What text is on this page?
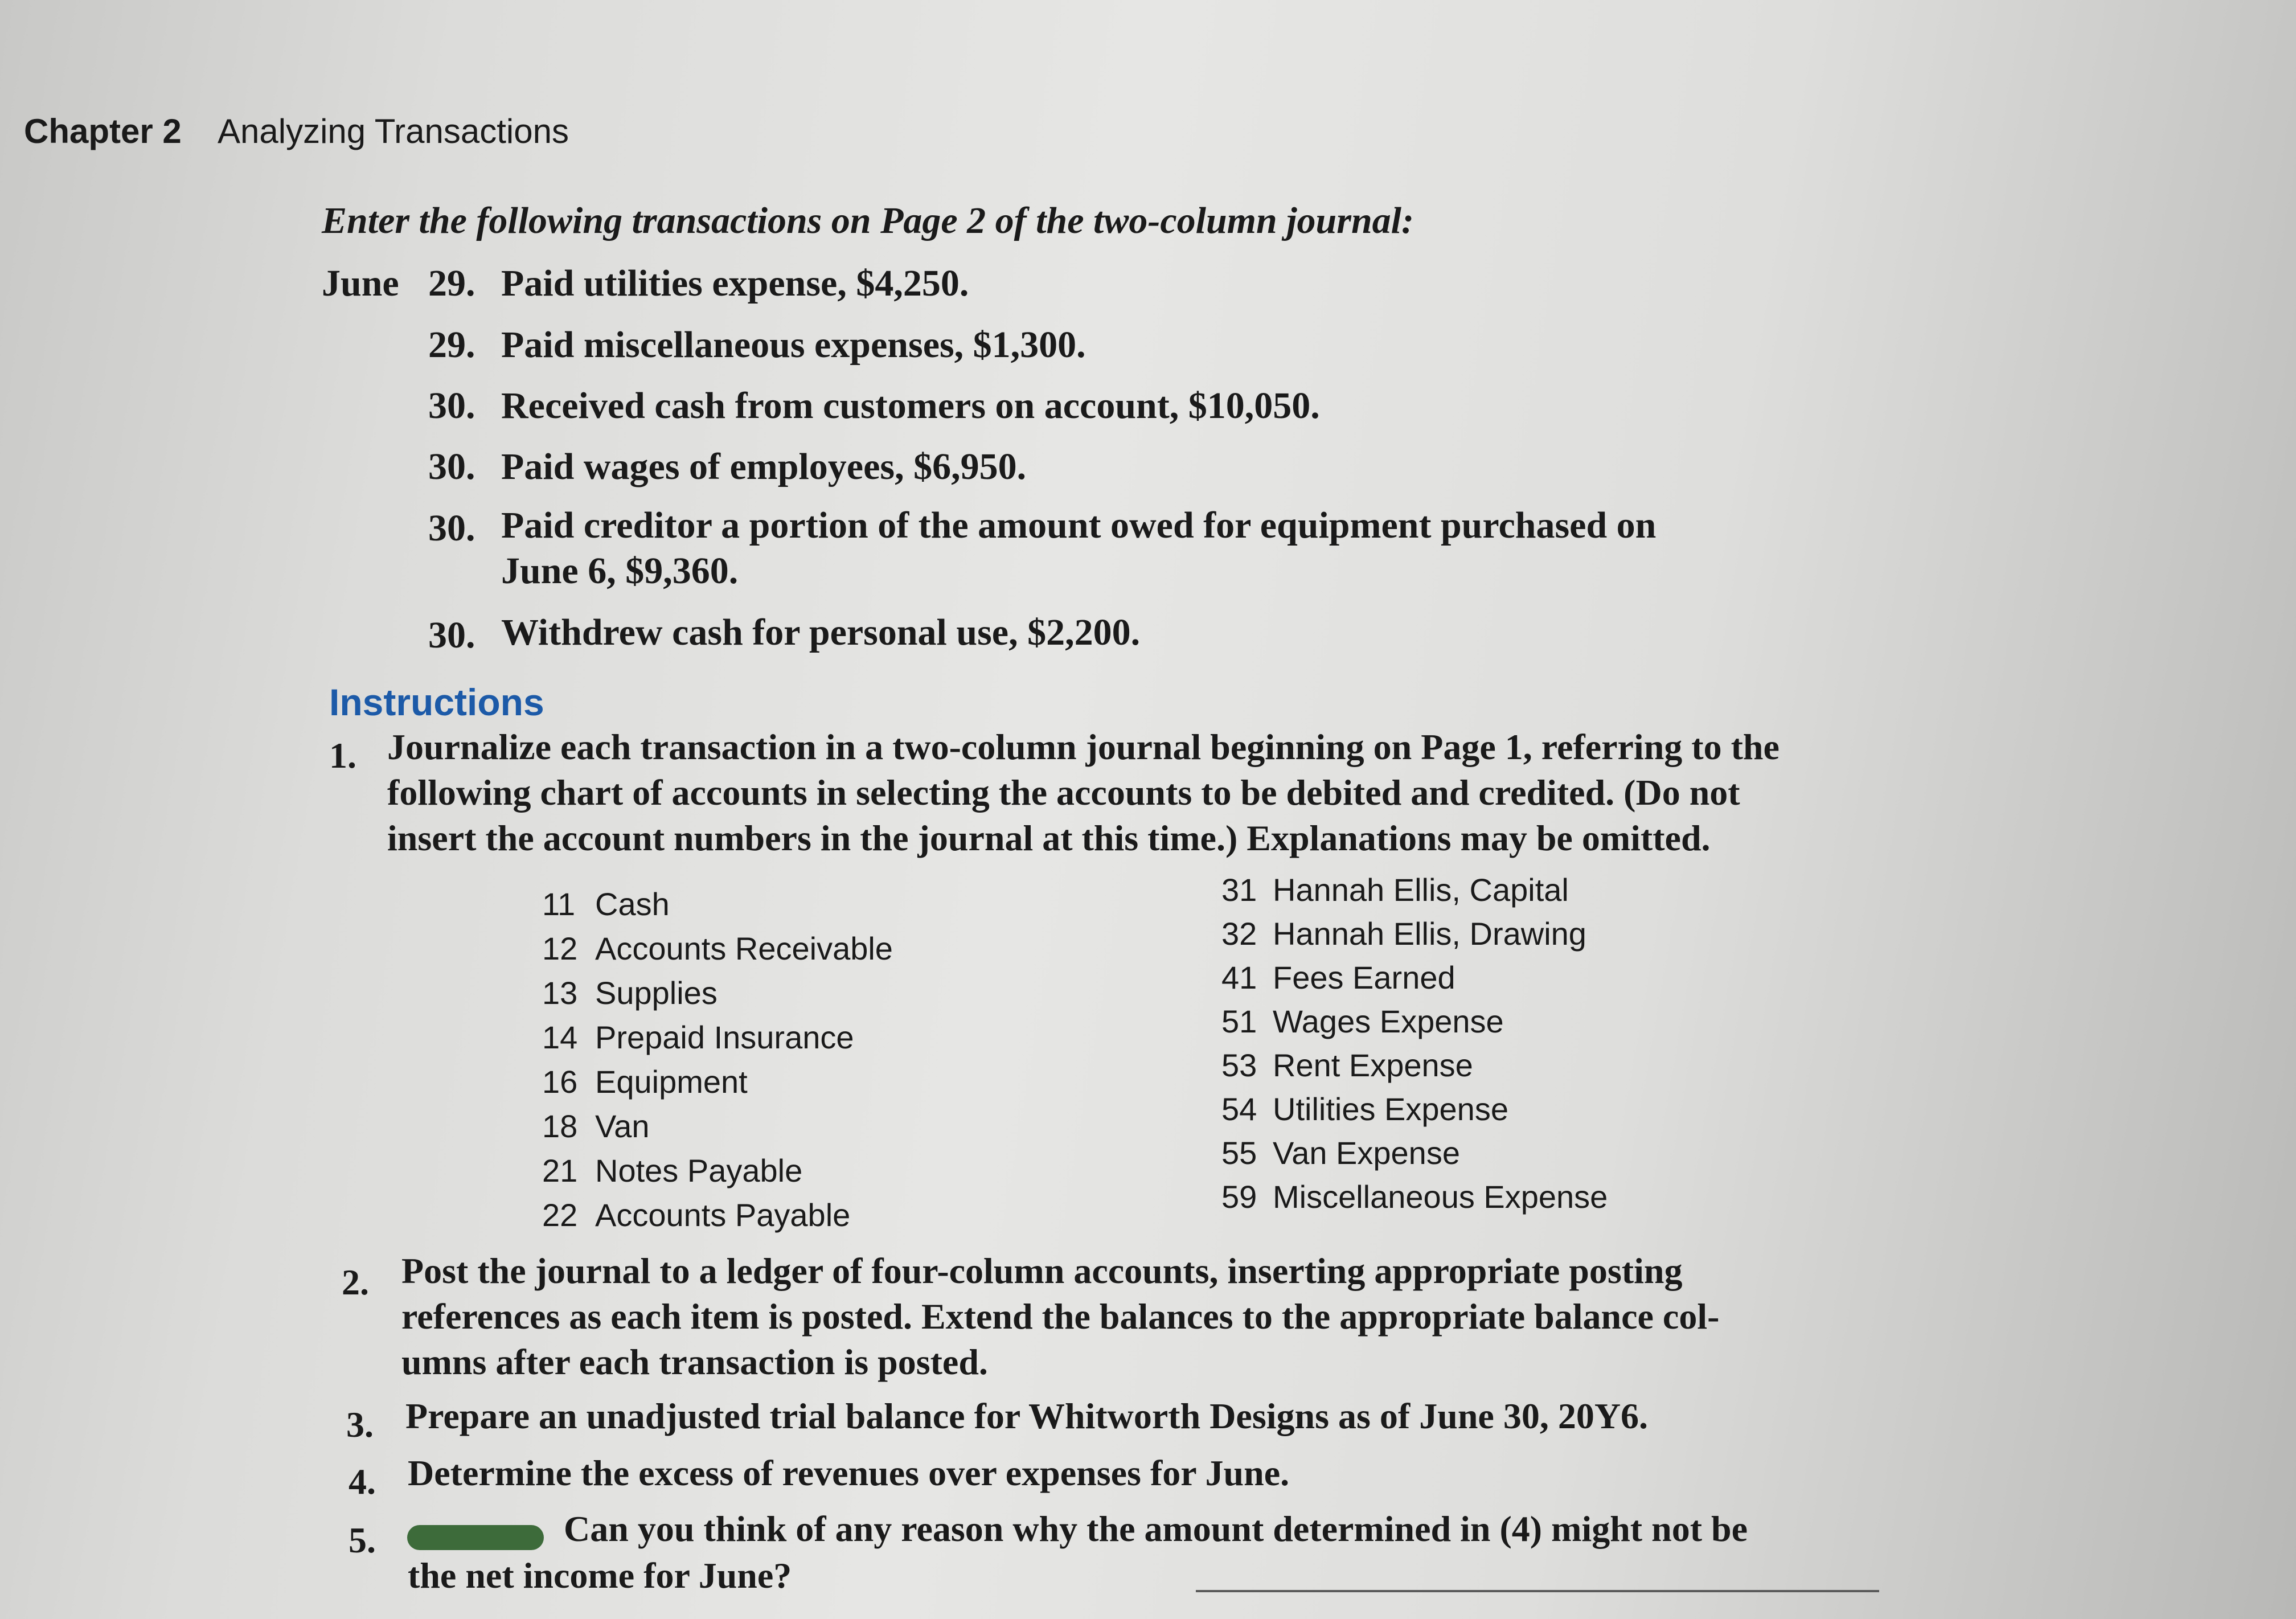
Chapter 2 Analyzing Transactions
Enter the following transactions on Page 2 of the two-column journal:
June 29. Paid utilities expense, $4,250.
29. Paid miscellaneous expenses, $1,300.
30. Received cash from customers on account, $10,050.
30. Paid wages of employees, $6,950.
30. Paid creditor a portion of the amount owed for equipment purchased on
June 6, $9,360.
30. Withdrew cash for personal use, $2,200.
Instructions
1. Journalize each transaction in a two-column journal beginning on Page 1, referring to the
following chart of accounts in selecting the accounts to be debited and credited. (Do not
insert the account numbers in the journal at this time.) Explanations may be omitted.
11 Cash
12 Accounts Receivable
13 Supplies
14 Prepaid Insurance
16 Equipment
18 Van
21 Notes Payable
22 Accounts Payable
31 Hannah Ellis, Capital
32 Hannah Ellis, Drawing
41 Fees Earned
51 Wages Expense
53 Rent Expense
54 Utilities Expense
55 Van Expense
59 Miscellaneous Expense
2. Post the journal to a ledger of four-column accounts, inserting appropriate posting
references as each item is posted. Extend the balances to the appropriate balance col-
umns after each transaction is posted.
3. Prepare an unadjusted trial balance for Whitworth Designs as of June 30, 20Y6.
4. Determine the excess of revenues over expenses for June.
5.	Can you think of any reason why the amount determined in (4) might not be
the net income for June?
